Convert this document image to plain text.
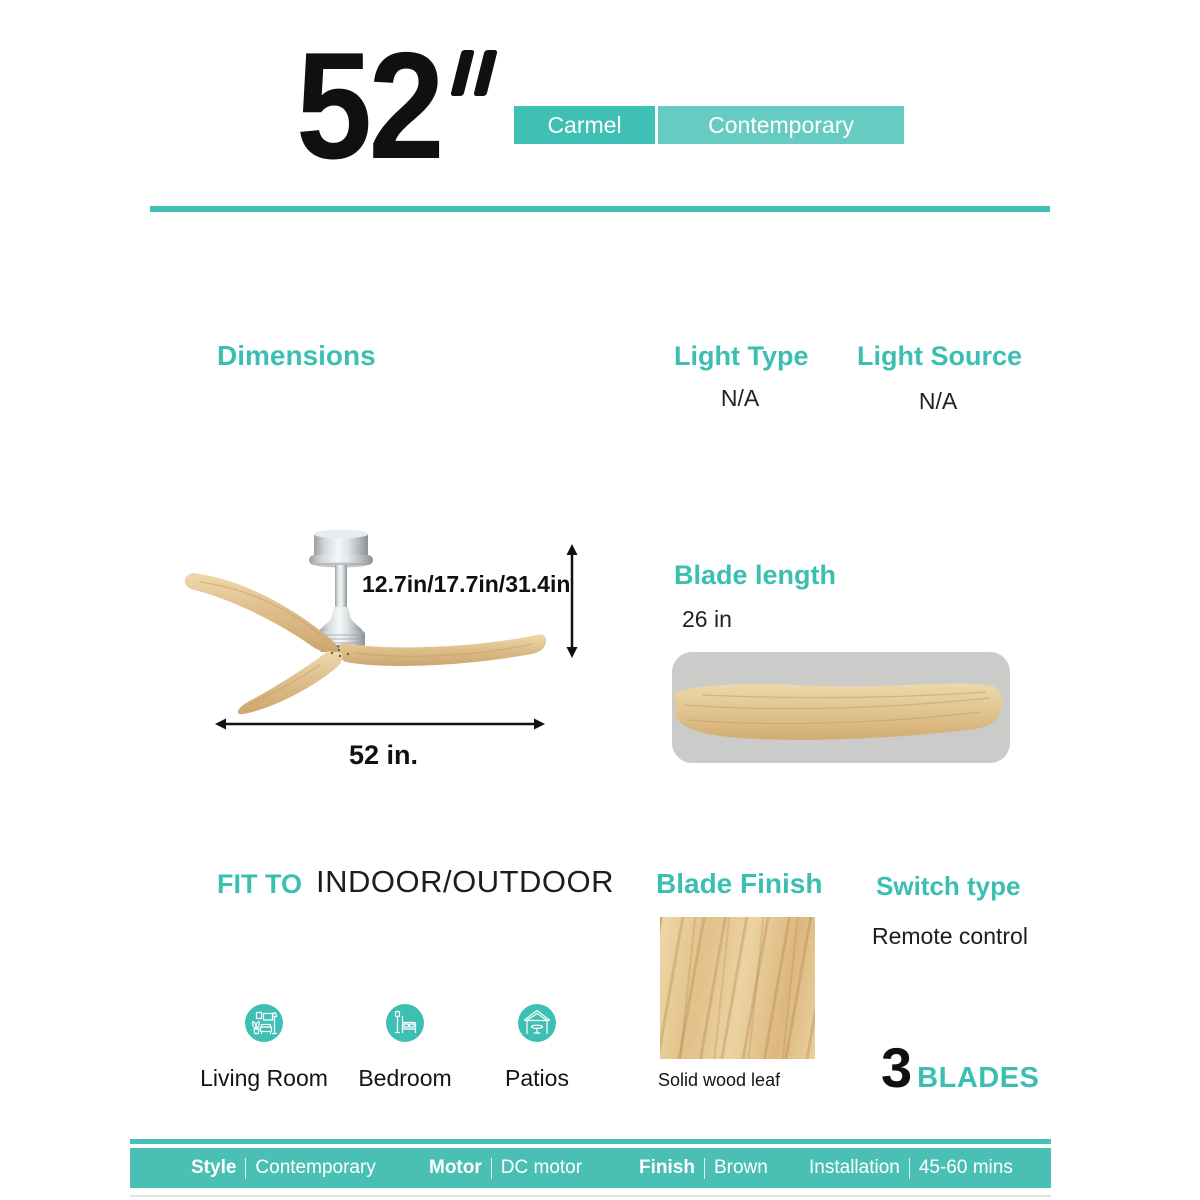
52	Carmel	Contemporary
Dimensions	Light Type
N/A
Light Source
N/A
12.7in/17.7in/31.4in
52 in.
Blade length
26 in
FIT TO INDOOR/OUTDOOR
Living Room	Bedroom	Patios
Blade Finish
Solid wood leaf
Switch type
Remote control
3 BLADES
Style Contemporary	Motor DC motor	Finish Brown Installation 45-60 mins
